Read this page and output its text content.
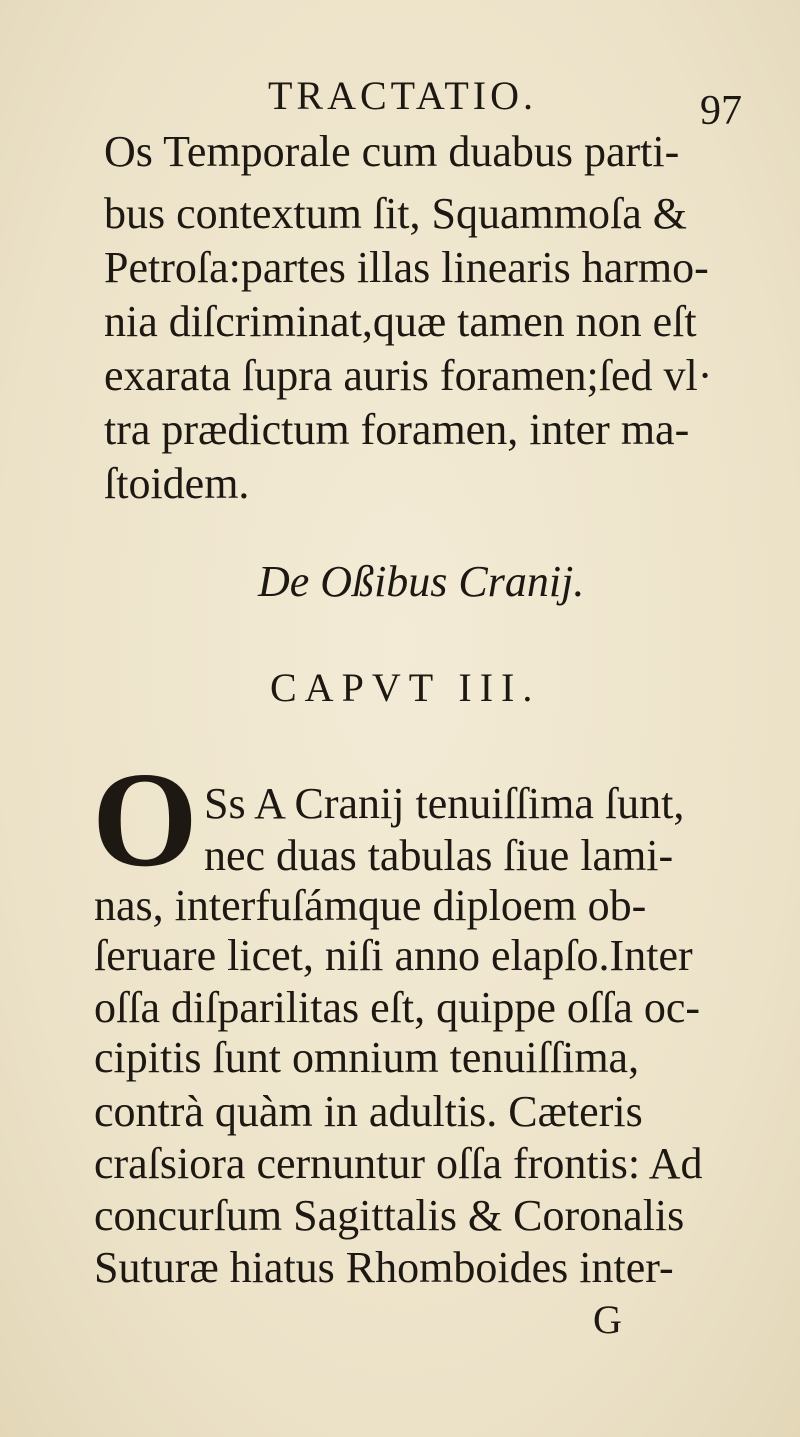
TRACTATIO.	97
Os Temporale cum duabus parti-
bus contextum ſit, Squammoſa &
Petroſa:partes illas linearis harmo-
nia diſcriminat,quæ tamen non eſt
exarata ſupra auris foramen;ſed vl·
tra prædictum foramen, inter ma-
ſtoidem.
De Oßibus Cranij.
CAPVT III.
O Ss A Cranij tenuiſſima ſunt,
nec duas tabulas ſiue lami-
nas, interfuſámque diploem ob-
ſeruare licet, niſi anno elapſo.Inter
oſſa diſparilitas eſt, quippe oſſa oc-
cipitis ſunt omnium tenuiſſima,
contrà quàm in adultis. Cæteris
craſsiora cernuntur oſſa frontis: Ad
concurſum Sagittalis & Coronalis
Suturæ hiatus Rhomboides inter-
G
